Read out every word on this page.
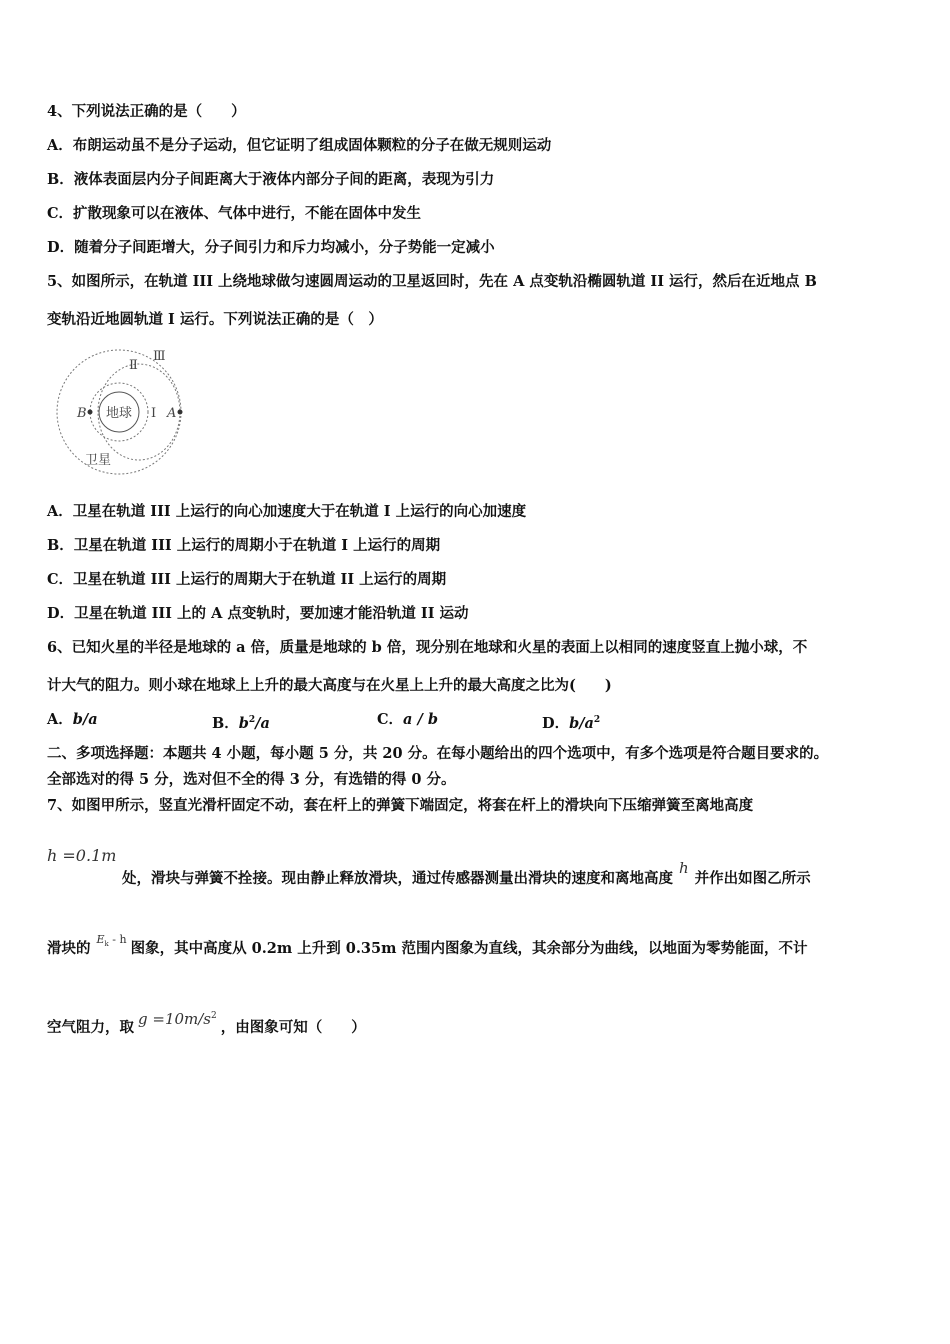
4、下列说法正确的是（　　）
A．布朗运动虽不是分子运动，但它证明了组成固体颗粒的分子在做无规则运动
B．液体表面层内分子间距离大于液体内部分子间的距离，表现为引力
C．扩散现象可以在液体、气体中进行，不能在固体中发生
D．随着分子间距增大，分子间引力和斥力均减小，分子势能一定减小
5、如图所示，在轨道 III 上绕地球做匀速圆周运动的卫星返回时，先在 A 点变轨沿椭圆轨道 II 运行，然后在近地点 B
变轨沿近地圆轨道 I 运行。下列说法正确的是（　）
地球
B	A
I
Ⅱ
Ⅲ
卫星
A．卫星在轨道 III 上运行的向心加速度大于在轨道 I 上运行的向心加速度
B．卫星在轨道 III 上运行的周期小于在轨道 I 上运行的周期
C．卫星在轨道 III 上运行的周期大于在轨道 II 上运行的周期
D．卫星在轨道 III 上的 A 点变轨时，要加速才能沿轨道 II 运动
6、已知火星的半径是地球的 a 倍，质量是地球的 b 倍，现分别在地球和火星的表面上以相同的速度竖直上抛小球，不
计大气的阻力。则小球在地球上上升的最大高度与在火星上上升的最大高度之比为(　　)
A．b/a	B．$b^2/a$	C．a / b	D．$b/a^2$
二、多项选择题：本题共 4 小题，每小题 5 分，共 20 分。在每小题给出的四个选项中，有多个选项是符合题目要求的。
全部选对的得 5 分，选对但不全的得 3 分，有选错的得 0 分。
7、如图甲所示，竖直光滑杆固定不动，套在杆上的弹簧下端固定，将套在杆上的滑块向下压缩弹簧至离地高度
h =0.1m
处，滑块与弹簧不拴接。现由静止释放滑块，通过传感器测量出滑块的速度和离地高度h并作出如图乙所示
滑块的$^{E_k - h}$图象，其中高度从 0.2m 上升到 0.35m 范围内图象为直线，其余部分为曲线，以地面为零势能面，不计
空气阻力，取 $g =10m/s^2$，由图象可知（　　）
